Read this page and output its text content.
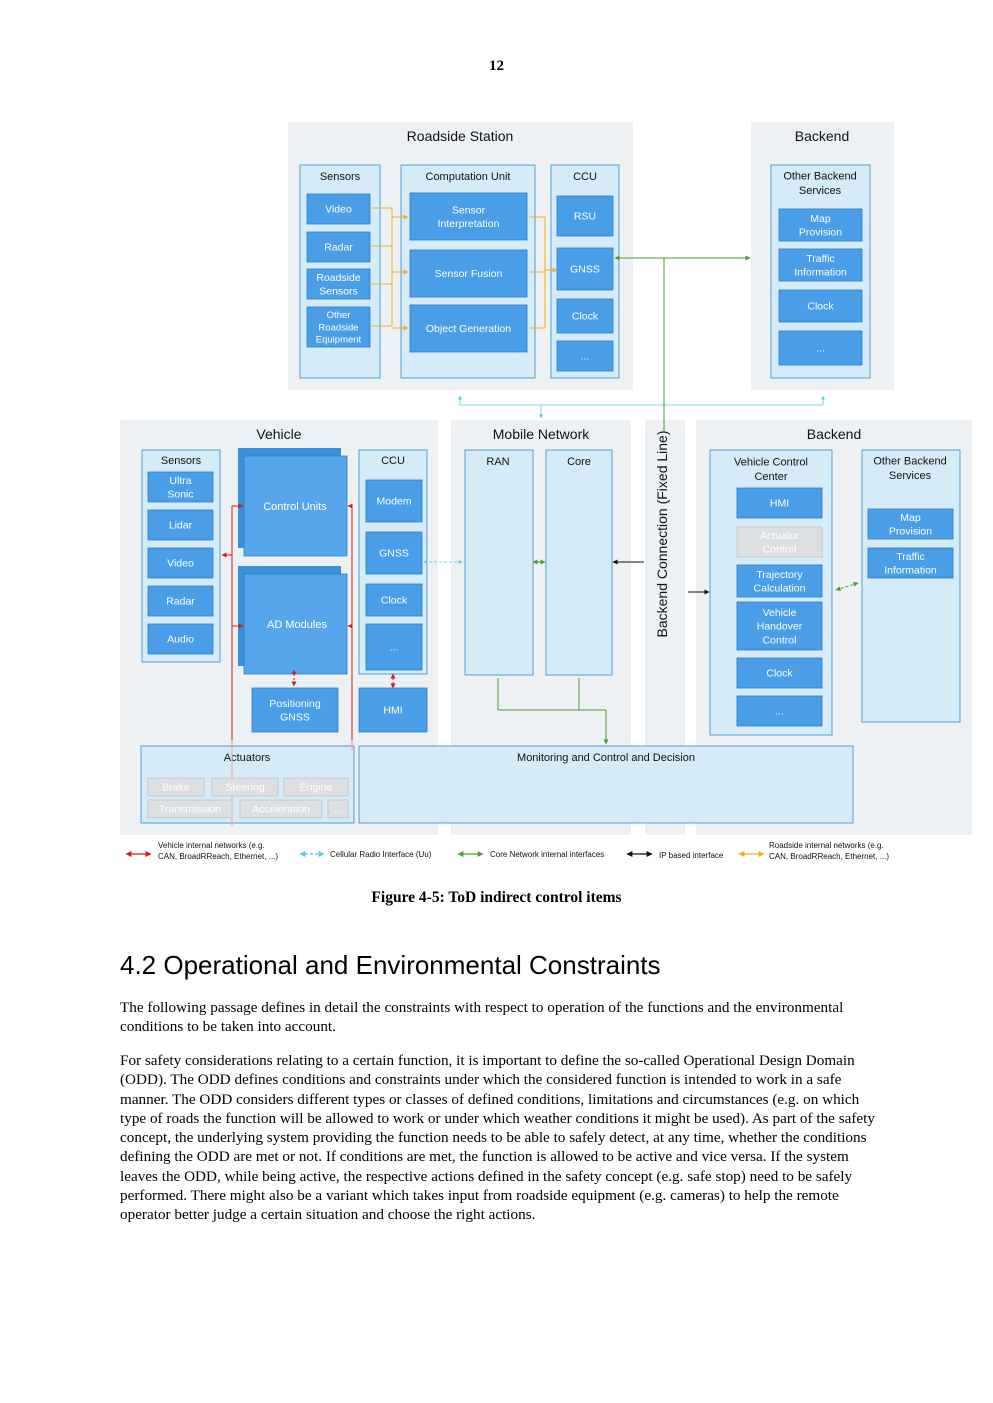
12
Roadside Station
Sensors	Computation Unit	CCU
Backend
Vehicle	Mobile Network	Backend
Sensors	CCU	RAN	Core	Backend Connection (Fixed Line)
Actuators	Monitoring and Control and Decision
Video
Radar
Roadside Sensors
Other Roadside Equipment
Sensor Interpretation
Sensor Fusion
Object Generation
RSU
GNSS
Clock
...
Other Backend Services
Map Provision
Traffic Information
Clock
...
Ultra Sonic
Lidar
Video
Radar
Audio
Control Units
AD Modules
Positioning GNSS
Modem
GNSS
Clock
...
HMI
Vehicle Control Center
HMI
Actuator Control
Trajectory Calculation
Vehicle Handover Control
Clock
...
Other Backend Services
Map Provision
Traffic Information
Brake	Steering	Engine
Transmission	Acceleration ...
Vehicle internal networks (e.g. CAN, BroadRReach, Ethernet, ...)	Cellular Radio Interface (Uu)	Core Network internal interfaces	IP based interface
Roadside internal networks (e.g. CAN, BroadRReach, Ethernet, ...)
Figure 4-5: ToD indirect control items
4.2 Operational and Environmental Constraints

The following passage defines in detail the constraints with respect to operation of the functions and the environmental conditions to be taken into account.

For safety considerations relating to a certain function, it is important to define the so-called Operational Design Domain (ODD). The ODD defines conditions and constraints under which the considered function is intended to work in a safe manner. The ODD considers different types or classes of defined conditions, limitations and circumstances (e.g. on which type of roads the function will be allowed to work or under which weather conditions it might be used). As part of the safety concept, the underlying system providing the function needs to be able to safely detect, at any time, whether the conditions defining the ODD are met or not. If conditions are met, the function is allowed to be active and vice versa. If the system leaves the ODD, while being active, the respective actions defined in the safety concept (e.g. safe stop) need to be safely performed. There might also be a variant which takes input from roadside equipment (e.g. cameras) to help the remote operator better judge a certain situation and choose the right actions.
